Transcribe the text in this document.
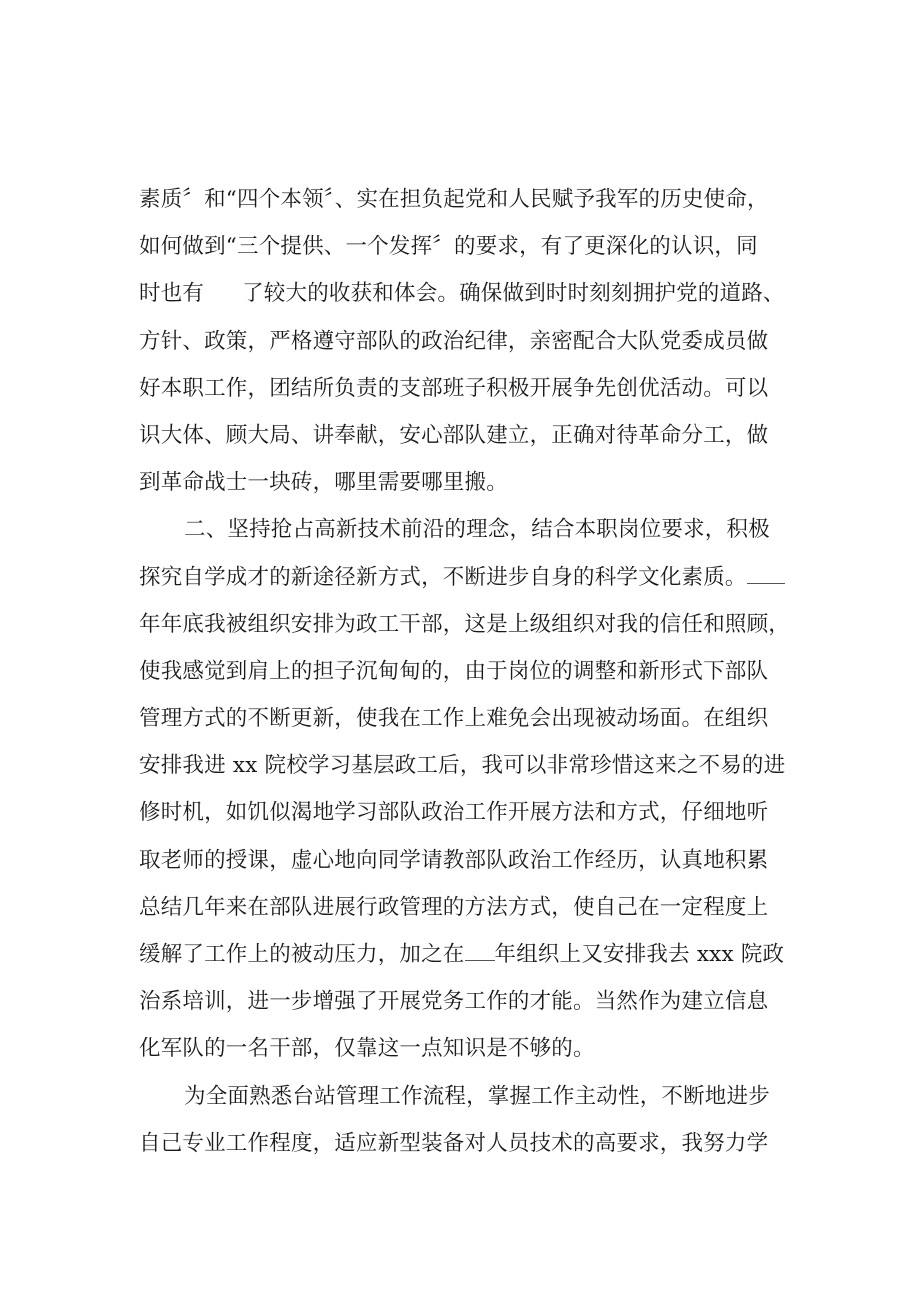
素质〞和“四个本领〞、实在担负起党和人民赋予我军的历史使命，
如何做到“三个提供、一个发挥〞的要求，有了更深化的认识，同
时也有 了较大的收获和体会。确保做到时时刻刻拥护党的道路、
方针、政策，严格遵守部队的政治纪律，亲密配合大队党委成员做
好本职工作，团结所负责的支部班子积极开展争先创优活动。可以
识大体、顾大局、讲奉献，安心部队建立，正确对待革命分工，做
到革命战士一块砖，哪里需要哪里搬。
二、坚持抢占高新技术前沿的理念，结合本职岗位要求，积极
探究自学成才的新途径新方式，不断进步自身的科学文化素质。
年年底我被组织安排为政工干部，这是上级组织对我的信任和照顾，
使我感觉到肩上的担子沉甸甸的，由于岗位的调整和新形式下部队
管理方式的不断更新，使我在工作上难免会出现被动场面。在组织
安排我进 xx 院校学习基层政工后，我可以非常珍惜这来之不易的进
修时机，如饥似渴地学习部队政治工作开展方法和方式，仔细地听
取老师的授课，虚心地向同学请教部队政治工作经历，认真地积累
总结几年来在部队进展行政管理的方法方式，使自己在一定程度上
缓解了工作上的被动压力，加之在 年组织上又安排我去 xxx 院政
治系培训，进一步增强了开展党务工作的才能。当然作为建立信息
化军队的一名干部，仅靠这一点知识是不够的。
为全面熟悉台站管理工作流程，掌握工作主动性，不断地进步
自己专业工作程度，适应新型装备对人员技术的高要求，我努力学
